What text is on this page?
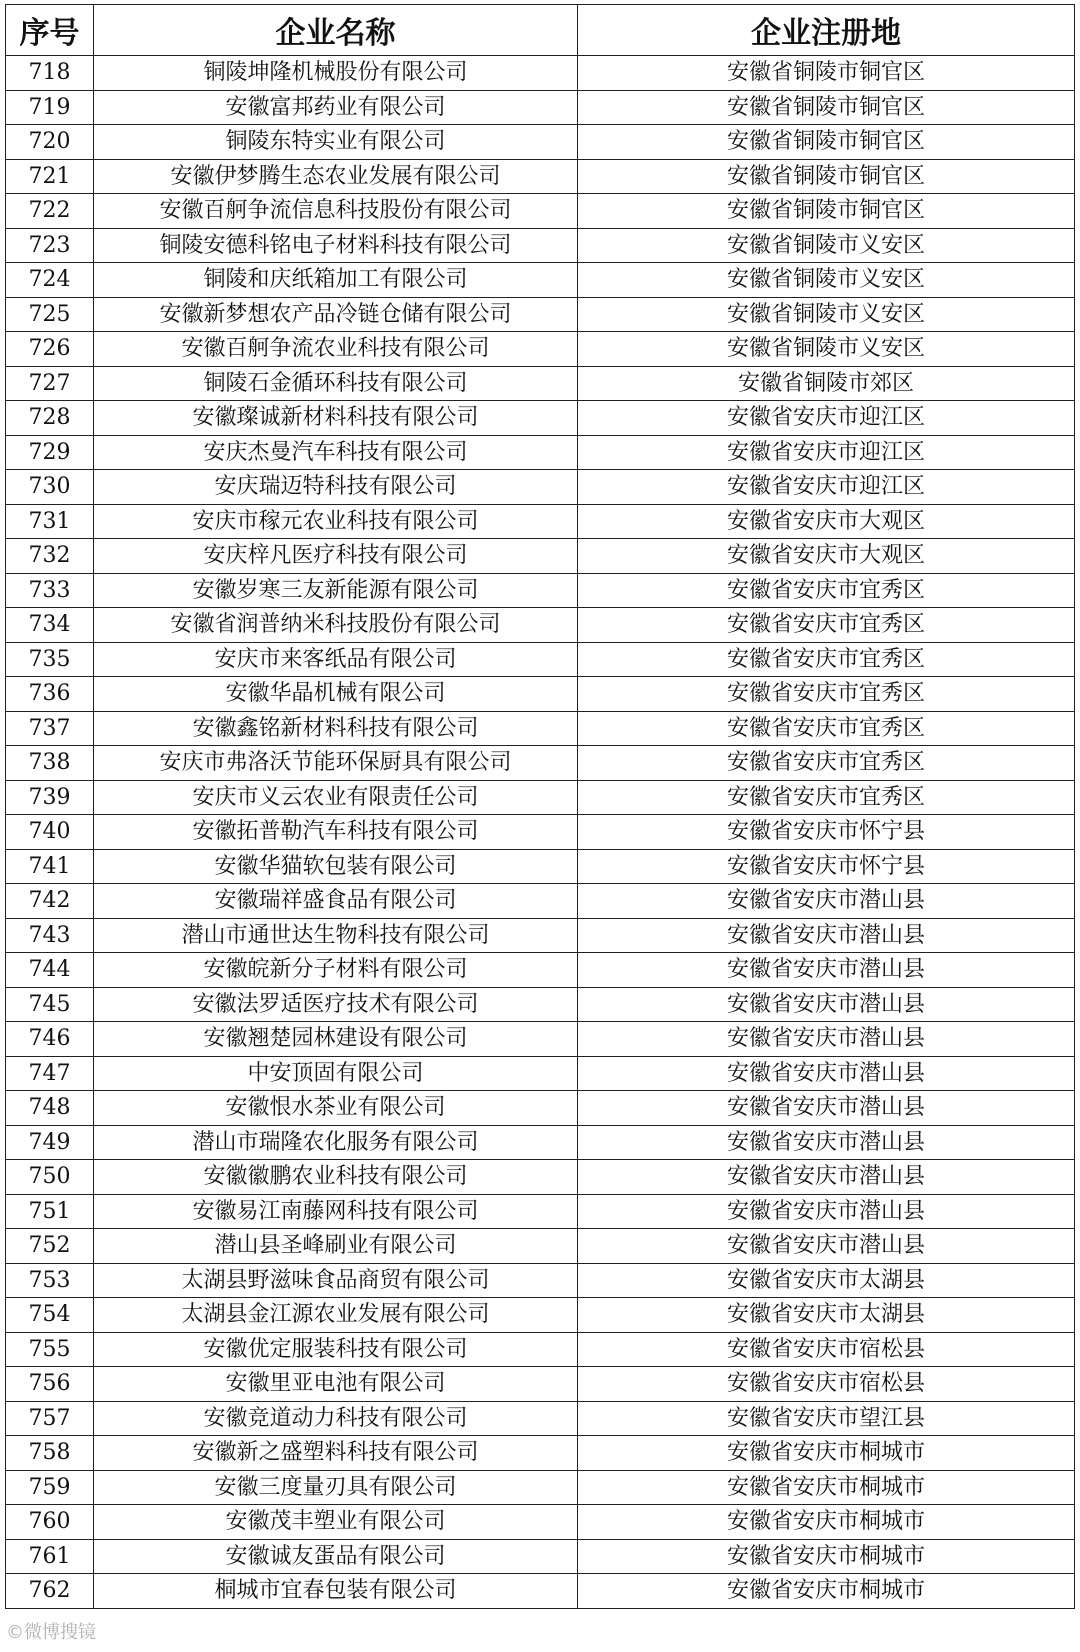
序号	企业名称	企业注册地
718	铜陵坤隆机械股份有限公司	安徽省铜陵市铜官区
719	安徽富邦药业有限公司	安徽省铜陵市铜官区
720	铜陵东特实业有限公司	安徽省铜陵市铜官区
721	安徽伊梦腾生态农业发展有限公司	安徽省铜陵市铜官区
722	安徽百舸争流信息科技股份有限公司	安徽省铜陵市铜官区
723	铜陵安德科铭电子材料科技有限公司	安徽省铜陵市义安区
724	铜陵和庆纸箱加工有限公司	安徽省铜陵市义安区
725	安徽新梦想农产品冷链仓储有限公司	安徽省铜陵市义安区
726	安徽百舸争流农业科技有限公司	安徽省铜陵市义安区
727	铜陵石金循环科技有限公司	安徽省铜陵市郊区
728	安徽璨诚新材料科技有限公司	安徽省安庆市迎江区
729	安庆杰曼汽车科技有限公司	安徽省安庆市迎江区
730	安庆瑞迈特科技有限公司	安徽省安庆市迎江区
731	安庆市稼元农业科技有限公司	安徽省安庆市大观区
732	安庆梓凡医疗科技有限公司	安徽省安庆市大观区
733	安徽岁寒三友新能源有限公司	安徽省安庆市宜秀区
734	安徽省润普纳米科技股份有限公司	安徽省安庆市宜秀区
735	安庆市来客纸品有限公司	安徽省安庆市宜秀区
736	安徽华晶机械有限公司	安徽省安庆市宜秀区
737	安徽鑫铭新材料科技有限公司	安徽省安庆市宜秀区
738	安庆市弗洛沃节能环保厨具有限公司	安徽省安庆市宜秀区
739	安庆市义云农业有限责任公司	安徽省安庆市宜秀区
740	安徽拓普勒汽车科技有限公司	安徽省安庆市怀宁县
741	安徽华猫软包装有限公司	安徽省安庆市怀宁县
742	安徽瑞祥盛食品有限公司	安徽省安庆市潜山县
743	潜山市通世达生物科技有限公司	安徽省安庆市潜山县
744	安徽皖新分子材料有限公司	安徽省安庆市潜山县
745	安徽法罗适医疗技术有限公司	安徽省安庆市潜山县
746	安徽翘楚园林建设有限公司	安徽省安庆市潜山县
747	中安顶固有限公司	安徽省安庆市潜山县
748	安徽恨水茶业有限公司	安徽省安庆市潜山县
749	潜山市瑞隆农化服务有限公司	安徽省安庆市潜山县
750	安徽徽鹏农业科技有限公司	安徽省安庆市潜山县
751	安徽易江南藤网科技有限公司	安徽省安庆市潜山县
752	潜山县圣峰刷业有限公司	安徽省安庆市潜山县
753	太湖县野滋味食品商贸有限公司	安徽省安庆市太湖县
754	太湖县金江源农业发展有限公司	安徽省安庆市太湖县
755	安徽优定服装科技有限公司	安徽省安庆市宿松县
756	安徽里亚电池有限公司	安徽省安庆市宿松县
757	安徽竞道动力科技有限公司	安徽省安庆市望江县
758	安徽新之盛塑料科技有限公司	安徽省安庆市桐城市
759	安徽三度量刃具有限公司	安徽省安庆市桐城市
760	安徽茂丰塑业有限公司	安徽省安庆市桐城市
761	安徽诚友蛋品有限公司	安徽省安庆市桐城市
762	桐城市宜春包装有限公司	安徽省安庆市桐城市
©微博搜镜
